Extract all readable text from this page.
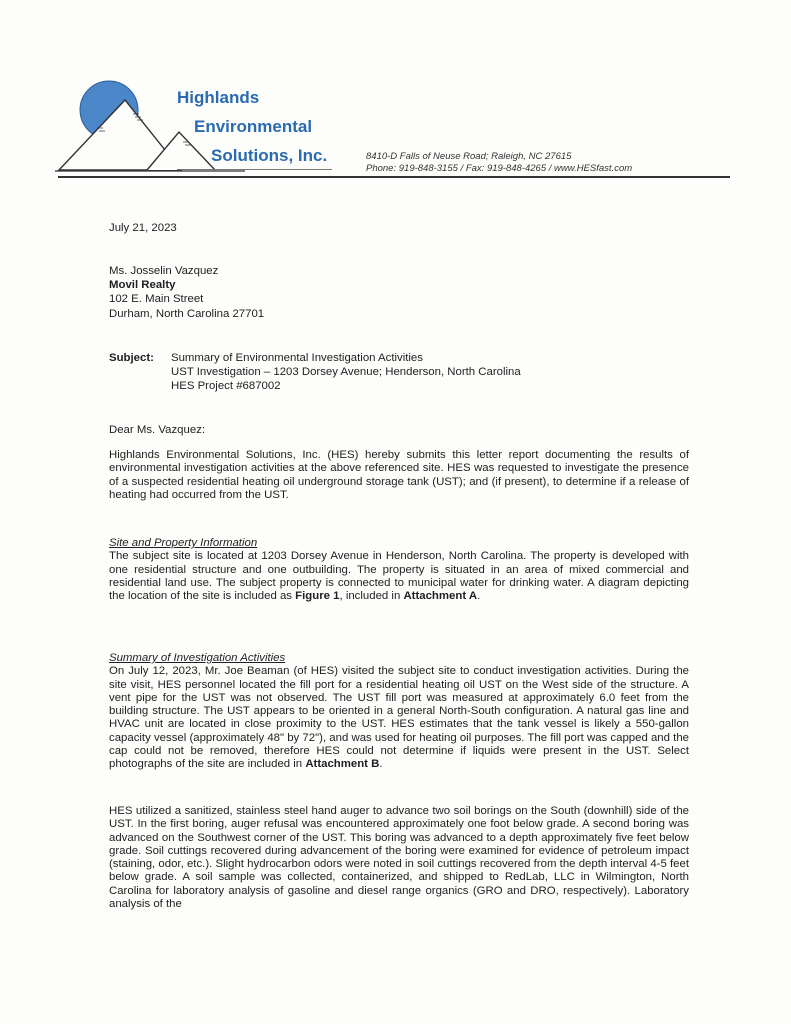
Highlands
Environmental
Solutions, Inc.	8410-D Falls of Neuse Road; Raleigh, NC 27615
Phone: 919-848-3155 / Fax: 919-848-4265 / www.HESfast.com
July 21, 2023
Ms. Josselin Vazquez
Movil Realty
102 E. Main Street
Durham, North Carolina 27701
Subject: Summary of Environmental Investigation Activities
UST Investigation – 1203 Dorsey Avenue; Henderson, North Carolina
HES Project #687002
Dear Ms. Vazquez:

Highlands Environmental Solutions, Inc. (HES) hereby submits this letter report documenting the results of environmental investigation activities at the above referenced site. HES was requested to investigate the presence of a suspected residential heating oil underground storage tank (UST); and (if present), to determine if a release of heating had occurred from the UST.

Site and Property Information

The subject site is located at 1203 Dorsey Avenue in Henderson, North Carolina. The property is developed with one residential structure and one outbuilding. The property is situated in an area of mixed commercial and residential land use. The subject property is connected to municipal water for drinking water. A diagram depicting the location of the site is included as Figure 1, included in Attachment A.

Summary of Investigation Activities

On July 12, 2023, Mr. Joe Beaman (of HES) visited the subject site to conduct investigation activities. During the site visit, HES personnel located the fill port for a residential heating oil UST on the West side of the structure. A vent pipe for the UST was not observed. The UST fill port was measured at approximately 6.0 feet from the building structure. The UST appears to be oriented in a general North-South configuration. A natural gas line and HVAC unit are located in close proximity to the UST. HES estimates that the tank vessel is likely a 550-gallon capacity vessel (approximately 48" by 72"), and was used for heating oil purposes. The fill port was capped and the cap could not be removed, therefore HES could not determine if liquids were present in the UST. Select photographs of the site are included in Attachment B.

HES utilized a sanitized, stainless steel hand auger to advance two soil borings on the South (downhill) side of the UST. In the first boring, auger refusal was encountered approximately one foot below grade. A second boring was advanced on the Southwest corner of the UST. This boring was advanced to a depth approximately five feet below grade. Soil cuttings recovered during advancement of the boring were examined for evidence of petroleum impact (staining, odor, etc.). Slight hydrocarbon odors were noted in soil cuttings recovered from the depth interval 4-5 feet below grade. A soil sample was collected, containerized, and shipped to RedLab, LLC in Wilmington, North Carolina for laboratory analysis of gasoline and diesel range organics (GRO and DRO, respectively). Laboratory analysis of the
